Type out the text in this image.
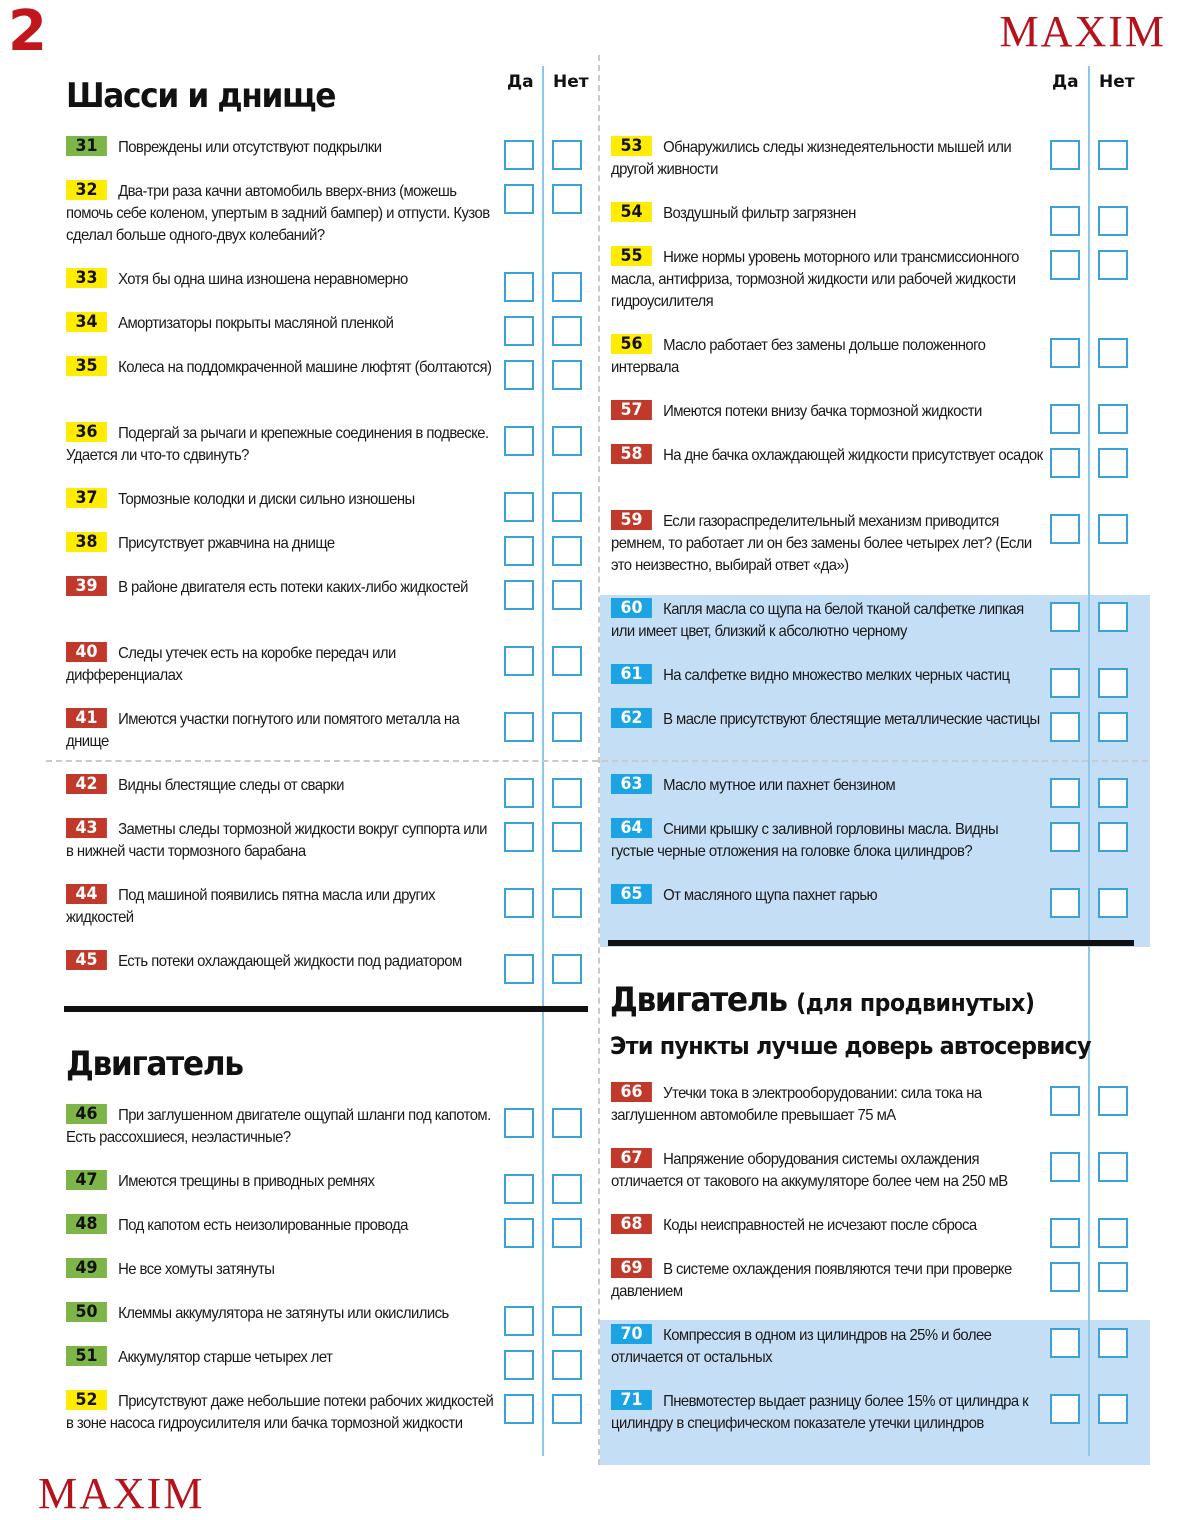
2	MAXIM
MAXIM
Да Нет	Да Нет
Шасси и днище
Двигатель
Двигатель (для продвинутых)
Эти пункты лучше доверь автосервису
31 Повреждены или отсутствуют подкрылки
32 Два-три раза качни автомобиль вверх-вниз (можешь помочь себе коленом, упертым в задний бампер) и отпусти. Кузов сделал больше одного-двух колебаний?
33 Хотя бы одна шина изношена неравномерно
34 Амортизаторы покрыты масляной пленкой
35 Колеса на поддомкраченной машине люфтят (болтаются)
36 Подергай за рычаги и крепежные соединения в подвеске. Удается ли что-то сдвинуть?
37 Тормозные колодки и диски сильно изношены
38 Присутствует ржавчина на днище
39 В районе двигателя есть потеки каких-либо жидкостей
40 Следы утечек есть на коробке передач или дифференциалах
41 Имеются участки погнутого или помятого металла на днище
42 Видны блестящие следы от сварки
43 Заметны следы тормозной жидкости вокруг суппорта или в нижней части тормозного барабана
44 Под машиной появились пятна масла или других жидкостей
45 Есть потеки охлаждающей жидкости под радиатором
46 При заглушенном двигателе ощупай шланги под капотом. Есть рассохшиеся, неэластичные?
47 Имеются трещины в приводных ремнях
48 Под капотом есть неизолированные провода
49 Не все хомуты затянуты
50 Клеммы аккумулятора не затянуты или окислились
51 Аккумулятор старше четырех лет
52 Присутствуют даже небольшие потеки рабочих жидкостей в зоне насоса гидроусилителя или бачка тормозной жидкости
53 Обнаружились следы жизнедеятельности мышей или другой живности
54 Воздушный фильтр загрязнен
55 Ниже нормы уровень моторного или трансмиссионного масла, антифриза, тормозной жидкости или рабочей жидкости гидроусилителя
56 Масло работает без замены дольше положенного интервала
57 Имеются потеки внизу бачка тормозной жидкости
58 На дне бачка охлаждающей жидкости присутствует осадок
59 Если газораспределительный механизм приводится ремнем, то работает ли он без замены более четырех лет? (Если это неизвестно, выбирай ответ «да»)
60 Капля масла со щупа на белой тканой салфетке липкая или имеет цвет, близкий к абсолютно черному
61 На салфетке видно множество мелких черных частиц
62 В масле присутствуют блестящие металлические частицы
63 Масло мутное или пахнет бензином
64 Сними крышку с заливной горловины масла. Видны густые черные отложения на головке блока цилиндров?
65 От масляного щупа пахнет гарью
66 Утечки тока в электрооборудовании: сила тока на заглушенном автомобиле превышает 75 мА
67 Напряжение оборудования системы охлаждения отличается от такового на аккумуляторе более чем на 250 мВ
68 Коды неисправностей не исчезают после сброса
69 В системе охлаждения появляются течи при проверке давлением
70 Компрессия в одном из цилиндров на 25% и более отличается от остальных
71 Пневмотестер выдает разницу более 15% от цилиндра к цилиндру в специфическом показателе утечки цилиндров
